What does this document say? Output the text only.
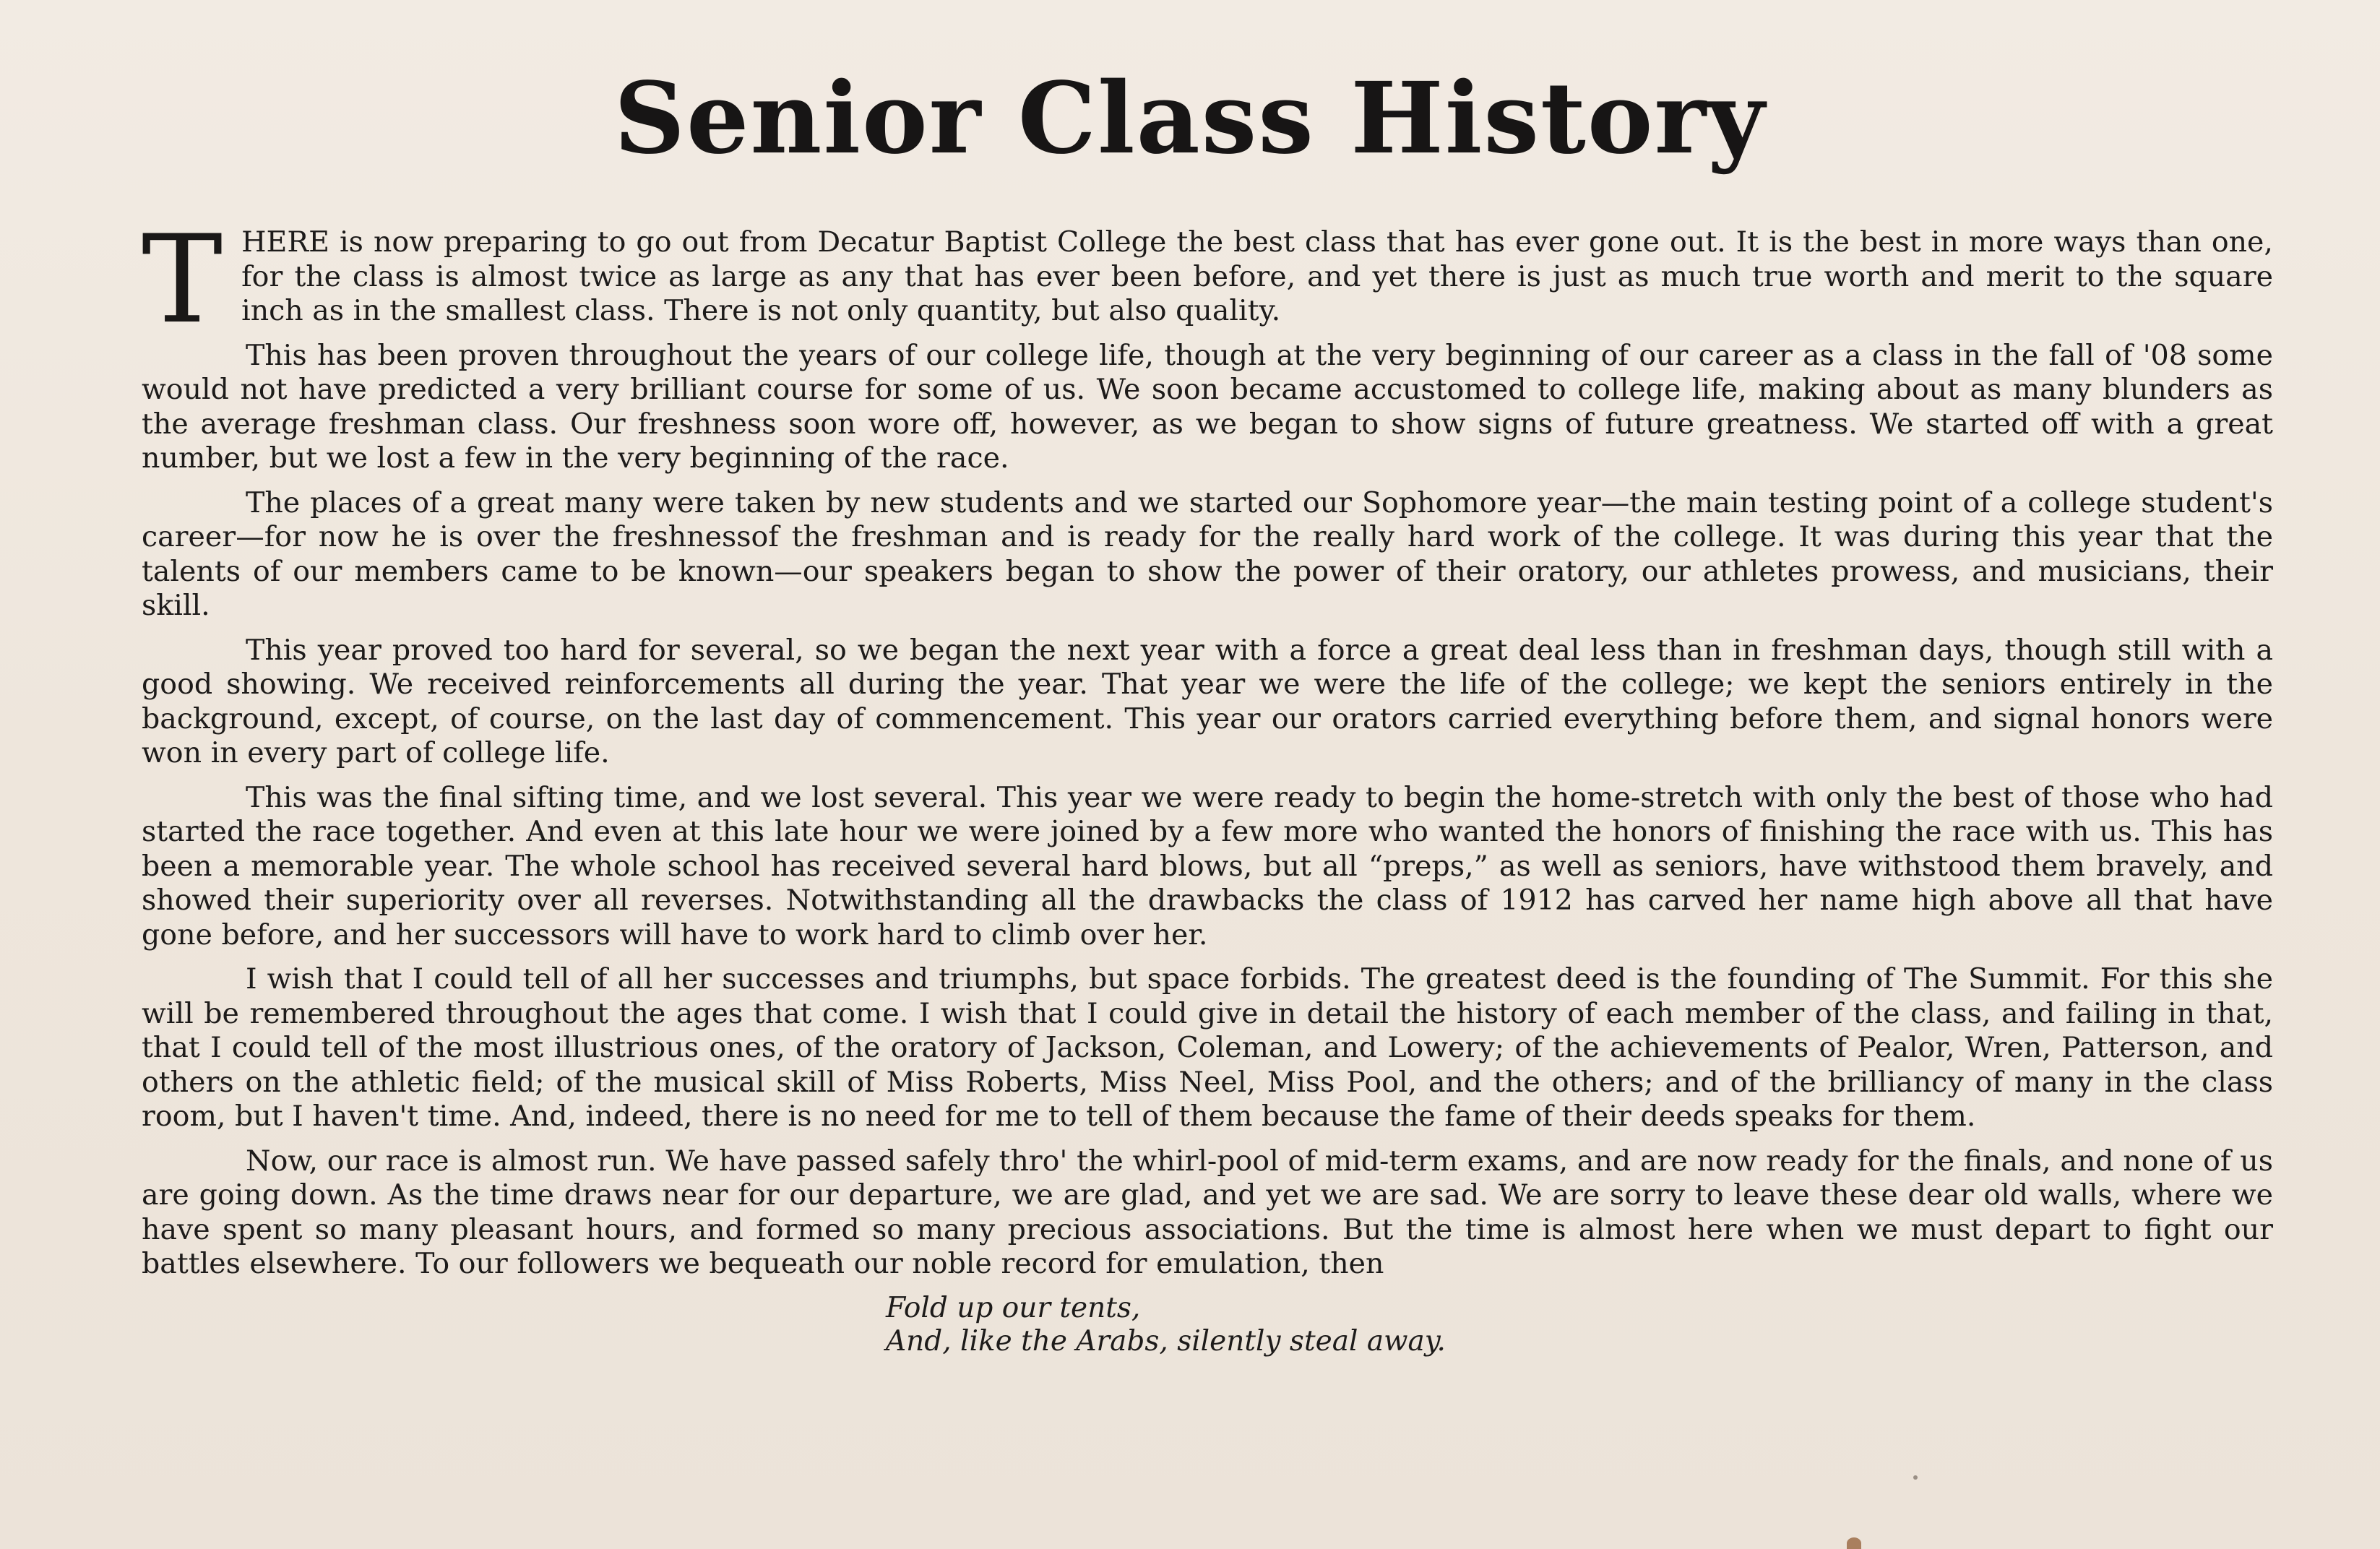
Senior Class History

THERE is now preparing to go out from Decatur Baptist College the best class that has ever gone out. It is the best in more ways than one, for the class is almost twice as large as any that has ever been before, and yet there is just as much true worth and merit to the square inch as in the smallest class. There is not only quantity, but also quality.

This has been proven throughout the years of our college life, though at the very beginning of our career as a class in the fall of '08 some would not have predicted a very brilliant course for some of us. We soon became accustomed to college life, making about as many blunders as the average freshman class. Our freshness soon wore off, however, as we began to show signs of future greatness. We started off with a great number, but we lost a few in the very beginning of the race.

The places of a great many were taken by new students and we started our Sophomore year—the main testing point of a college student's career—for now he is over the freshnessof the freshman and is ready for the really hard work of the college. It was during this year that the talents of our members came to be known—our speakers began to show the power of their oratory, our athletes prowess, and musicians, their skill.

This year proved too hard for several, so we began the next year with a force a great deal less than in freshman days, though still with a good showing. We received reinforcements all during the year. That year we were the life of the college; we kept the seniors entirely in the background, except, of course, on the last day of commencement. This year our orators carried everything before them, and signal honors were won in every part of college life.

This was the final sifting time, and we lost several. This year we were ready to begin the home-stretch with only the best of those who had started the race together. And even at this late hour we were joined by a few more who wanted the honors of finishing the race with us. This has been a memorable year. The whole school has received several hard blows, but all “preps,” as well as seniors, have withstood them bravely, and showed their superiority over all reverses. Notwithstanding all the drawbacks the class of 1912 has carved her name high above all that have gone before, and her successors will have to work hard to climb over her.

I wish that I could tell of all her successes and triumphs, but space forbids. The greatest deed is the founding of The Summit. For this she will be remembered throughout the ages that come. I wish that I could give in detail the history of each member of the class, and failing in that, that I could tell of the most illustrious ones, of the oratory of Jackson, Coleman, and Lowery; of the achievements of Pealor, Wren, Patterson, and others on the athletic field; of the musical skill of Miss Roberts, Miss Neel, Miss Pool, and the others; and of the brilliancy of many in the class room, but I haven't time. And, indeed, there is no need for me to tell of them because the fame of their deeds speaks for them.

Now, our race is almost run. We have passed safely thro' the whirl-pool of mid-term exams, and are now ready for the finals, and none of us are going down. As the time draws near for our departure, we are glad, and yet we are sad. We are sorry to leave these dear old walls, where we have spent so many pleasant hours, and formed so many precious associations. But the time is almost here when we must depart to fight our battles elsewhere. To our followers we bequeath our noble record for emulation, then

Fold up our tents,
And, like the Arabs, silently steal away.
